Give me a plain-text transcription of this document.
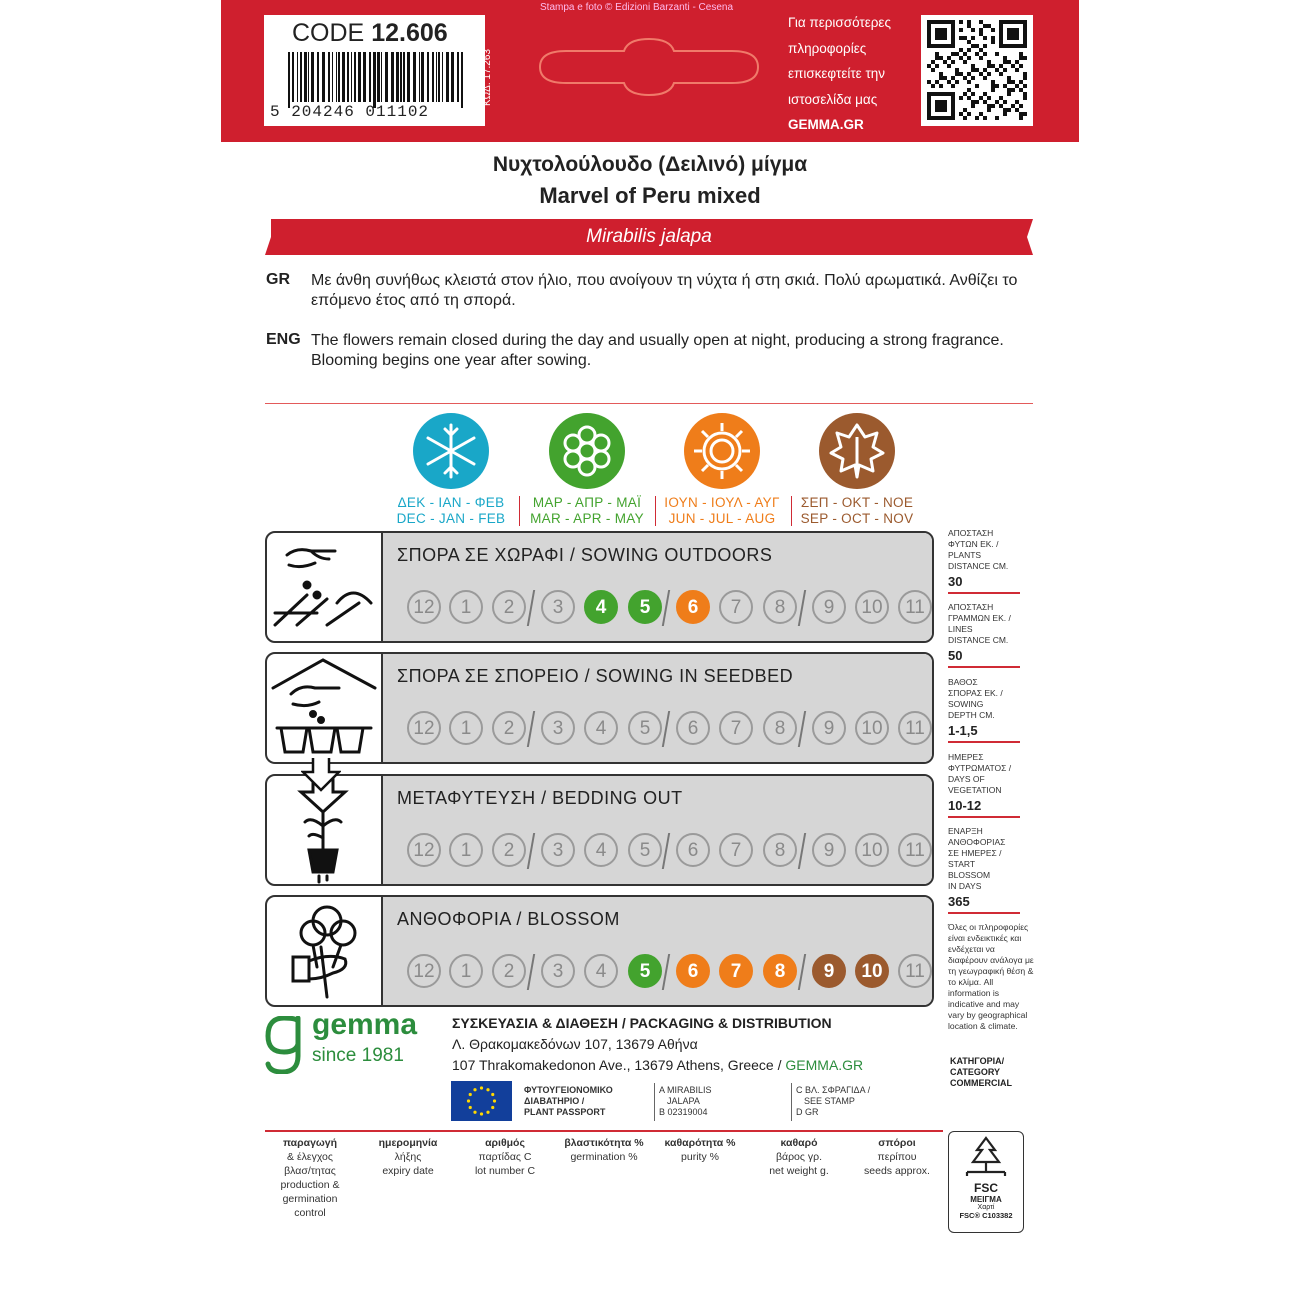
CODE 12.606
5 204246 011102
ΚΩΔ. 17.263
Stampa e foto © Edizioni Barzanti - Cesena
Για περισσότερες
πληροφορίες
επισκεφτείτε την
ιστοσελίδα μας
GEMMA.GR
Νυχτολούλουδο (Δειλινό) μίγμα
Marvel of Peru mixed
Mirabilis jalapa
GR Με άνθη συνήθως κλειστά στον ήλιο, που ανοίγουν τη νύχτα ή στη σκιά. Πολύ αρωματικά. Ανθίζει το επόμενο έτος από τη σπορά.
ENG The flowers remain closed during the day and usually open at night, producing a strong fragrance. Blooming begins one year after sowing.
ΔΕΚ - ΙΑΝ - ΦΕΒ
DEC - JAN - FEB
ΜΑΡ - ΑΠΡ - ΜΑΪ
MAR - APR - MAY
ΙΟΥΝ - ΙΟΥΛ - ΑΥΓ
JUN - JUL - AUG
ΣΕΠ - ΟΚΤ - ΝΟΕ
SEP - OCT - NOV
ΣΠΟΡΑ ΣΕ ΧΩΡΑΦΙ / SOWING OUTDOORS
12	1	2	3	4	5	6	7	8	9	10	11
ΣΠΟΡΑ ΣΕ ΣΠΟΡΕΙΟ / SOWING IN SEEDBED
12	1	2	3	4	5	6	7	8	9	10	11
ΜΕΤΑΦΥΤΕΥΣΗ / BEDDING OUT
12	1	2	3	4	5	6	7	8	9	10	11
ΑΝΘΟΦΟΡΙΑ / BLOSSOM
12	1	2	3	4	5	6	7	8	9	10	11
ΑΠΟΣΤΑΣΗ
ΦΥΤΩΝ ΕΚ. /
PLANTS
DISTANCE CM.
30
ΑΠΟΣΤΑΣΗ
ΓΡΑΜΜΩΝ ΕΚ. /
LINES
DISTANCE CM.
50
ΒΑΘΟΣ
ΣΠΟΡΑΣ ΕΚ. /
SOWING
DEPTH CM.
1-1,5
ΗΜΕΡΕΣ
ΦΥΤΡΩΜΑΤΟΣ /
DAYS OF
VEGETATION
10-12
ΕΝΑΡΞΗ
ΑΝΘΟΦΟΡΙΑΣ
ΣΕ ΗΜΕΡΕΣ /
START
BLOSSOM
IN DAYS
365
Όλες οι πληροφορίες είναι ενδεικτικές και ενδέχεται να διαφέρουν ανάλογα με τη γεωγραφική θέση & το κλίμα. All information is indicative and may vary by geographical location & climate.
gemma
since 1981
ΣΥΣΚΕΥΑΣΙΑ & ΔΙΑΘΕΣΗ / PACKAGING & DISTRIBUTION
Λ. Θρακομακεδόνων 107, 13679 Αθήνα
107 Thrakomakedonon Ave., 13679 Athens, Greece / GEMMA.GR
ΦΥΤΟΥΓΕΙΟΝΟΜΙΚΟ
ΔΙΑΒΑΤΗΡΙΟ /
PLANT PASSPORT
A MIRABILIS
JALAPA
B 02319004
C ΒΛ. ΣΦΡΑΓΙΔΑ /
SEE STAMP
D GR
ΚΑΤΗΓΟΡΙΑ/
CATEGORY
COMMERCIAL
παραγωγή
& έλεγχος
βλασ/τητας
production &
germination
control
ημερομηνία
λήξης
expiry date
αριθμός
παρτίδας C
lot number C
βλαστικότητα %
germination %
καθαρότητα %
purity %
καθαρό
βάρος γρ.
net weight g.
σπόροι
περίπου
seeds approx.
FSC
ΜΕΙΓΜΑ
Χαρτί
FSC® C103382
